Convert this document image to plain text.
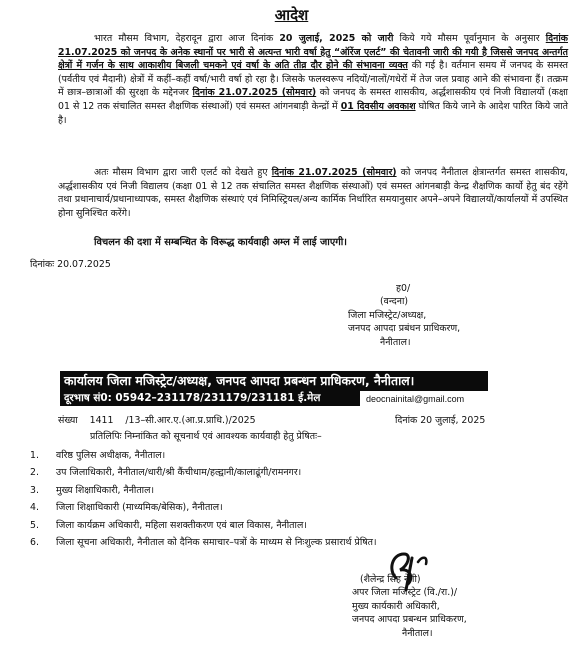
आदेश
भारत मौसम विभाग, देहरादून द्वारा आज दिनांक 20 जुलाई, 2025 को जारी किये गये मौसम पूर्वानुमान के अनुसार दिनांक 21.07.2025 को जनपद के अनेक स्थानों पर भारी से अत्यन्त भारी वर्षा हेतु “ऑरेंज एलर्ट” की चेतावनी जारी की गयी है जिससे जनपद अन्तर्गत क्षेत्रों में गर्जन के साथ आकाशीय बिजली चमकने एवं वर्षा के अति तीव्र दौर होने की संभावना व्यक्त की गई है। वर्तमान समय में जनपद के समस्त (पर्वतीय एवं मैदानी) क्षेत्रों में कहीं–कहीं वर्षा/भारी वर्षा हो रहा है। जिसके फलस्वरूप नदियों/नालों/गधेरों में तेज जल प्रवाह आने की संभावना हैं। तत्क्रम में छात्र–छात्राओं की सुरक्षा के मद्देनजर दिनांक 21.07.2025 (सोमवार) को जनपद के समस्त शासकीय, अर्द्धशासकीय एवं निजी विद्यालयों (कक्षा 01 से 12 तक संचालित समस्त शैक्षणिक संस्थाओं) एवं समस्त आंगनबाड़ी केन्द्रों में 01 दिवसीय अवकाश घोषित किये जाने के आदेश पारित किये जाते है।
अतः मौसम विभाग द्वारा जारी एलर्ट को देखते हुए दिनांक 21.07.2025 (सोमवार) को जनपद नैनीताल क्षेत्रान्तर्गत समस्त शासकीय, अर्द्धशासकीय एवं निजी विद्यालय (कक्षा 01 से 12 तक संचालित समस्त शैक्षणिक संस्थाओं) एवं समस्त आंगनबाड़ी केन्द्र शैक्षणिक कार्यो हेतु बंद रहेंगे तथा प्रधानाचार्य/प्रधानाध्यापक, समस्त शैक्षणिक संस्थाएं एवं निमिस्ट्रियल/अन्य कार्मिक निर्धारित समयानुसार अपने–अपने विद्यालयों/कार्यालयों में उपस्थित होना सुनिश्चित करेंगे।
विचलन की दशा में सम्बन्धित के विरूद्ध कार्यवाही अम्ल में लाई जाएगी।
दिनांकः 20.07.2025
ह0/
(वन्दना)
जिला मजिस्ट्रेट/अध्यक्ष,
जनपद आपदा प्रबंधन प्राधिकरण,
नैनीताल।
कार्यालय जिला मजिस्ट्रेट/अध्यक्ष, जनपद आपदा प्रबन्धन प्राधिकरण, नैनीताल।
दूरभाष सं0: 05942–231178/231179/231181 ई.मेल	deocnainital@gmail.com
संख्या    1411    /13–सी.आर.ए.(आ.प्र.प्राधि.)/2025	दिनांक 20 जुलाई, 2025
प्रतिलिपिः निम्नांकित को सूचनार्थ एवं आवश्यक कार्यवाही हेतु प्रेषितः–
1. वरिष्ठ पुलिस अधीक्षक, नैनीताल।
2. उप जिलाधिकारी, नैनीताल/धारी/श्री कैंचीधाम/हल्द्वानी/कालाढूंगी/रामनगर।
3. मुख्य शिक्षाधिकारी, नैनीताल।
4. जिला शिक्षाधिकारी (माध्यमिक/बेसिक), नैनीताल।
5. जिला कार्यक्रम अधिकारी, महिला सशक्तीकरण एवं बाल विकास, नैनीताल।
6. जिला सूचना अधिकारी, नैनीताल को दैनिक समाचार–पत्रों के माध्यम से निःशुल्क प्रसारार्थ प्रेषित।
(शैलेन्द्र सिंह नेगी)
अपर जिला मजिस्ट्रेट (वि./रा.)/
मुख्य कार्यकारी अधिकारी,
जनपद आपदा प्रबन्धन प्राधिकरण,
नैनीताल।
